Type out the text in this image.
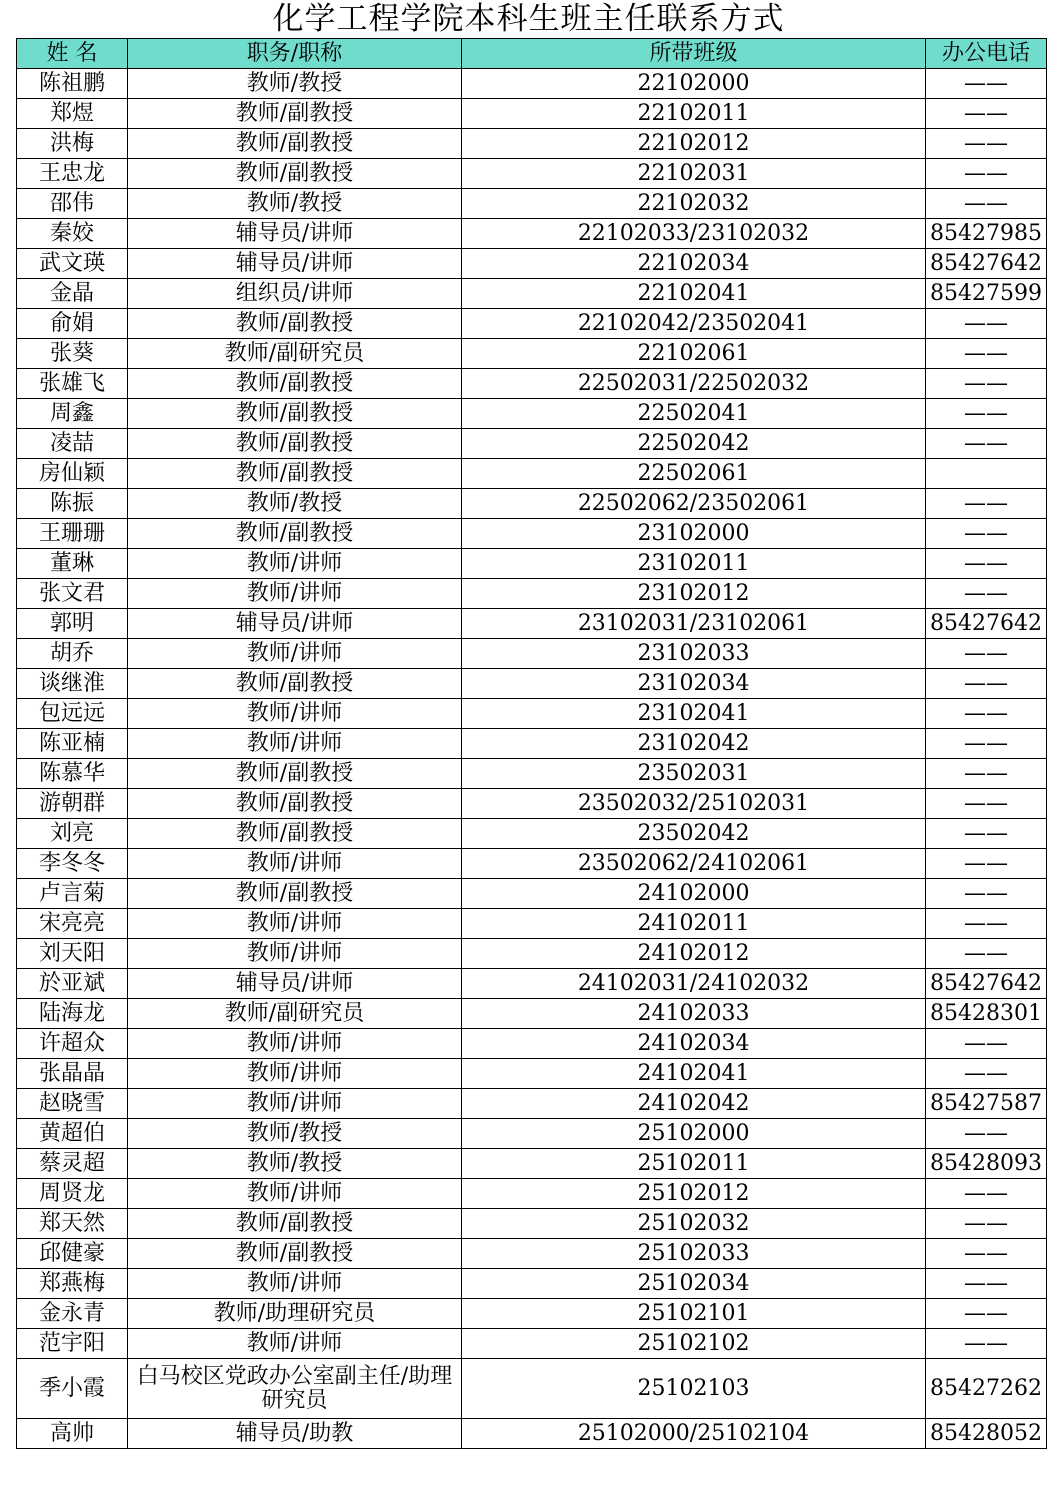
化学工程学院本科生班主任联系方式
姓 名	职务/职称	所带班级	办公电话
陈祖鹏	教师/教授	22102000	——
郑煜	教师/副教授	22102011	——
洪梅	教师/副教授	22102012	——
王忠龙	教师/副教授	22102031	——
邵伟	教师/教授	22102032	——
秦姣	辅导员/讲师	22102033/23102032	85427985
武文瑛	辅导员/讲师	22102034	85427642
金晶	组织员/讲师	22102041	85427599
俞娟	教师/副教授	22102042/23502041	——
张葵	教师/副研究员	22102061	——
张雄飞	教师/副教授	22502031/22502032	——
周鑫	教师/副教授	22502041	——
凌喆	教师/副教授	22502042	——
房仙颖	教师/副教授	22502061	
陈振	教师/教授	22502062/23502061	——
王珊珊	教师/副教授	23102000	——
董琳	教师/讲师	23102011	——
张文君	教师/讲师	23102012	——
郭明	辅导员/讲师	23102031/23102061	85427642
胡乔	教师/讲师	23102033	——
谈继淮	教师/副教授	23102034	——
包远远	教师/讲师	23102041	——
陈亚楠	教师/讲师	23102042	——
陈慕华	教师/副教授	23502031	——
游朝群	教师/副教授	23502032/25102031	——
刘亮	教师/副教授	23502042	——
李冬冬	教师/讲师	23502062/24102061	——
卢言菊	教师/副教授	24102000	——
宋亮亮	教师/讲师	24102011	——
刘天阳	教师/讲师	24102012	——
於亚斌	辅导员/讲师	24102031/24102032	85427642
陆海龙	教师/副研究员	24102033	85428301
许超众	教师/讲师	24102034	——
张晶晶	教师/讲师	24102041	——
赵晓雪	教师/讲师	24102042	85427587
黄超伯	教师/教授	25102000	——
蔡灵超	教师/教授	25102011	85428093
周贤龙	教师/讲师	25102012	——
郑天然	教师/副教授	25102032	——
邱健豪	教师/副教授	25102033	——
郑燕梅	教师/讲师	25102034	——
金永青	教师/助理研究员	25102101	——
范宇阳	教师/讲师	25102102	——
季小霞	白马校区党政办公室副主任/助理研究员	25102103	85427262
高帅	辅导员/助教	25102000/25102104	85428052
